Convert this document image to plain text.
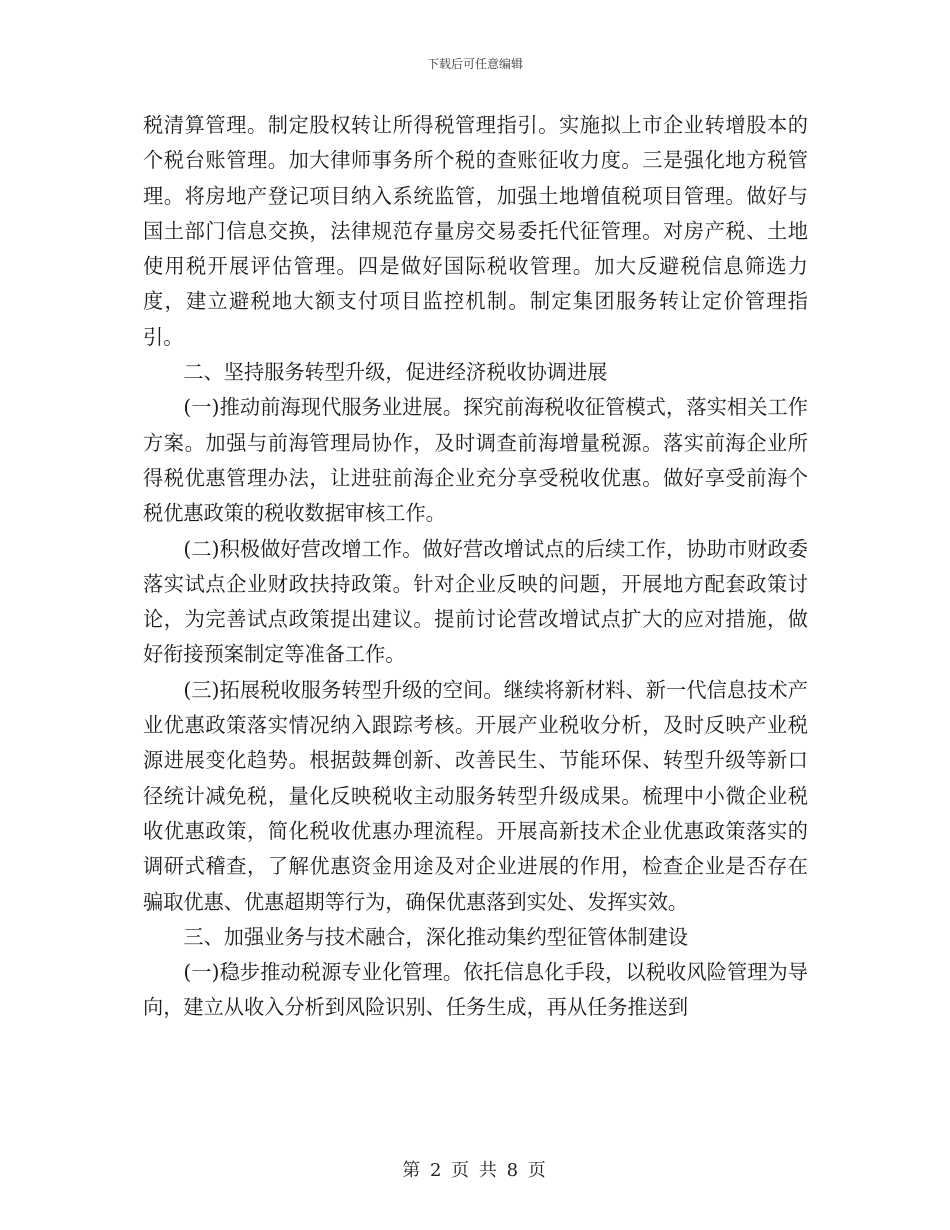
下载后可任意编辑

税清算管理。制定股权转让所得税管理指引。实施拟上市企业转增股本的个税台账管理。加大律师事务所个税的查账征收力度。三是强化地方税管理。将房地产登记项目纳入系统监管，加强土地增值税项目管理。做好与国土部门信息交换，法律规范存量房交易委托代征管理。对房产税、土地使用税开展评估管理。四是做好国际税收管理。加大反避税信息筛选力度，建立避税地大额支付项目监控机制。制定集团服务转让定价管理指引。

二、坚持服务转型升级，促进经济税收协调进展

(一)推动前海现代服务业进展。探究前海税收征管模式，落实相关工作方案。加强与前海管理局协作，及时调查前海增量税源。落实前海企业所得税优惠管理办法，让进驻前海企业充分享受税收优惠。做好享受前海个税优惠政策的税收数据审核工作。

(二)积极做好营改增工作。做好营改增试点的后续工作，协助市财政委落实试点企业财政扶持政策。针对企业反映的问题，开展地方配套政策讨论，为完善试点政策提出建议。提前讨论营改增试点扩大的应对措施，做好衔接预案制定等准备工作。

(三)拓展税收服务转型升级的空间。继续将新材料、新一代信息技术产业优惠政策落实情况纳入跟踪考核。开展产业税收分析，及时反映产业税源进展变化趋势。根据鼓舞创新、改善民生、节能环保、转型升级等新口径统计减免税，量化反映税收主动服务转型升级成果。梳理中小微企业税收优惠政策，简化税收优惠办理流程。开展高新技术企业优惠政策落实的调研式稽查，了解优惠资金用途及对企业进展的作用，检查企业是否存在骗取优惠、优惠超期等行为，确保优惠落到实处、发挥实效。

三、加强业务与技术融合，深化推动集约型征管体制建设

(一)稳步推动税源专业化管理。依托信息化手段，以税收风险管理为导向，建立从收入分析到风险识别、任务生成，再从任务推送到

第 2 页 共 8 页
